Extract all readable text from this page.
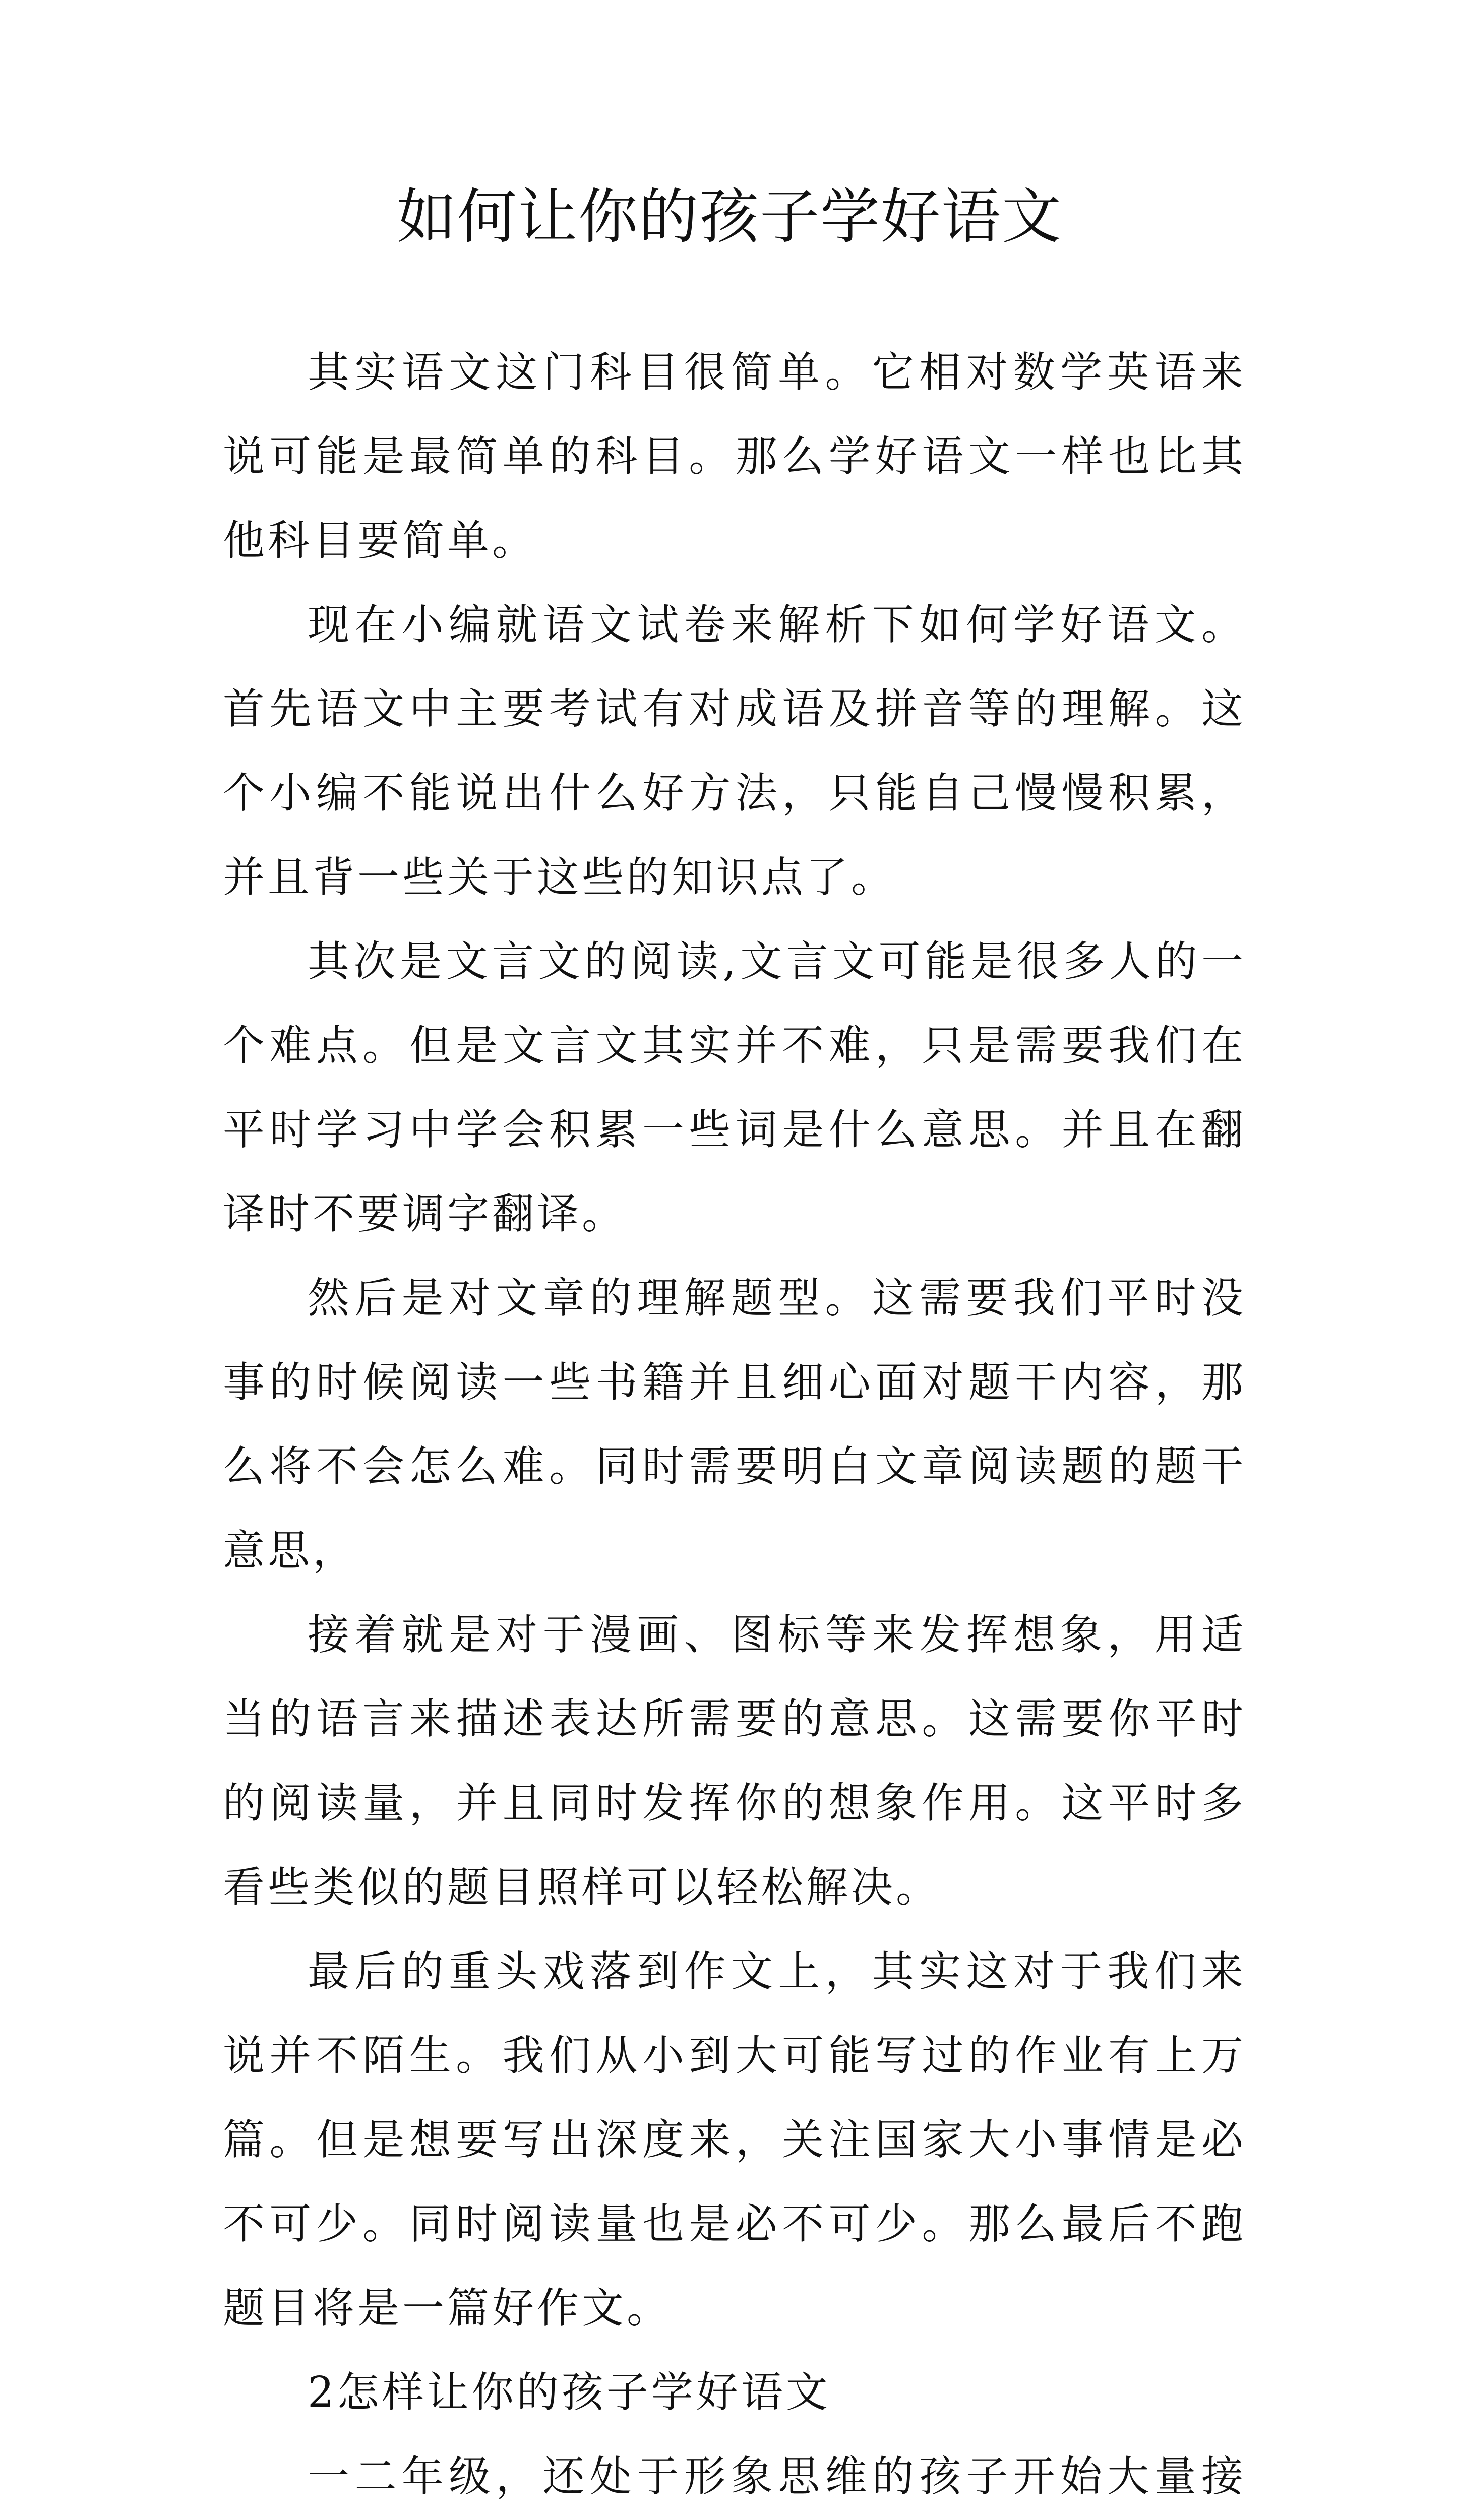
如何让你的孩子学好语文

其实语文这门科目很简单。它相对数学英语来说可能是最简单的科目。那么学好语文一样也比其他科目要简单。

现在小编就语文试卷来解析下如何学好语文。首先语文中主要考试有对成语及拼音等的理解。这个小编不能说出什么好方法，只能自己慢慢积累，并且背一些关于这些的知识点了。

其次是文言文的阅读,文言文可能是很多人的一个难点。但是文言文其实并不难，只是需要我们在平时学习中学会积累一些词是什么意思。并且在翻译时不要调字翻译。

然后是对文章的理解题型。这需要我们平时没事的时候阅读一些书籍并且细心面对题干内容，那么将不会怎么难。同时需要明白文章阅读题的题干意思，

接着就是对于漫画、图标等来发挥想象，用适当的语言来描述表达所需要的意思。这需要你平时的阅读量，并且同时发挥你的想象作用。这平时多看些类似的题目照样可以轻松解决。

最后的重头戏落到作文上，其实这对于我们来说并不陌生。我们从小到大可能写过的作业有上万篇。但是想要写出深度来，关注国家大小事情是必不可少。同时阅读量也是必不可少。那么最后不跑题目将是一篇好作文。

2怎样让你的孩子学好语文

一二年级，还处于形象思维的孩子开始大量接
